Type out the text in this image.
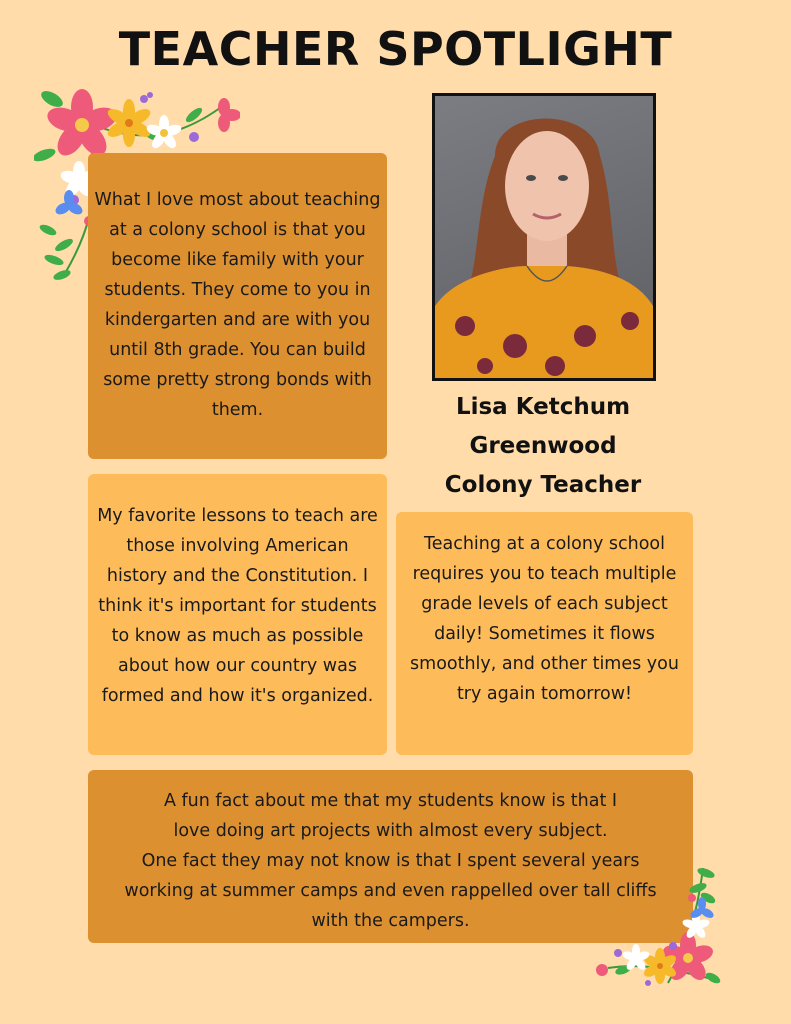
TEACHER SPOTLIGHT

What I love most about teaching at a colony school is that you become like family with your students. They come to you in kindergarten and are with you until 8th grade. You can build some pretty strong bonds with them.	Lisa Ketchum
Greenwood
Colony Teacher

My favorite lessons to teach are those involving American history and the Constitution. I think it's important for students to know as much as possible about how our country was formed and how it's organized.

Teaching at a colony school requires you to teach multiple grade levels of each subject daily! Sometimes it flows smoothly, and other times you try again tomorrow!

A fun fact about me that my students know is that I love doing art projects with almost every subject.

One fact they may not know is that I spent several years working at summer camps and even rappelled over tall cliffs with the campers.
